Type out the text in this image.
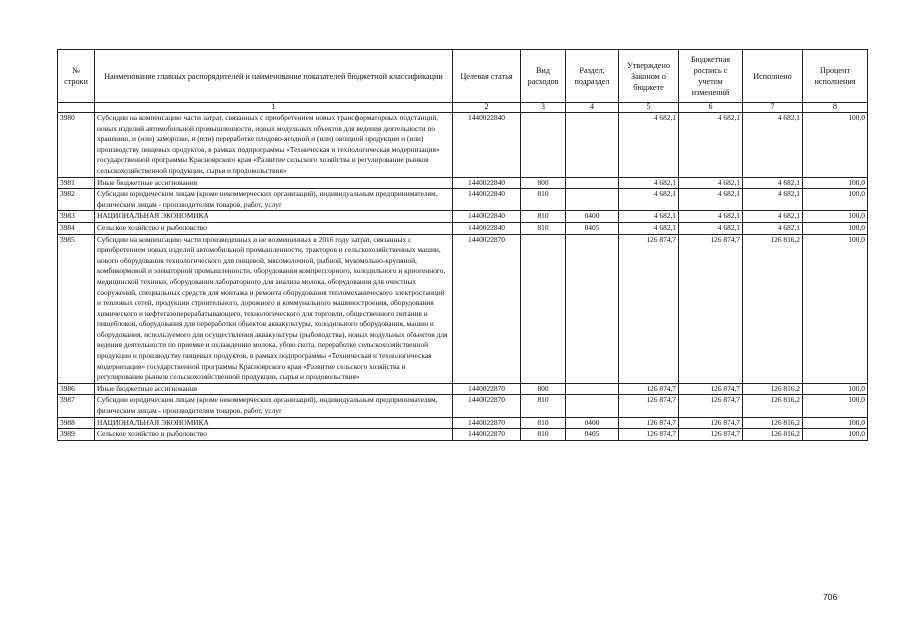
№ строки	Наименование главных распорядителей и наименование показателей бюджетной классификации	Целевая статья	Вид расходов	Раздел, подраздел	Утверждено Законом о бюджете	Бюджетная роспись с учетом изменений	Исполнено	Процент исполнения
	1	2	3	4	5	6	7	8
3980	Субсидии на компенсацию части затрат, связанных с приобретением новых трансформаторных подстанций, новых изделий автомобильной промышленности, новых модульных объектов для ведения деятельности по хранению, и (или) заморозке, и (или) переработке плодово-ягодной и (или) овощной продукции и (или) производству пищевых продуктов, в рамках подпрограммы «Техническая и технологическая модернизация» государственной программы Красноярского края «Развитие сельского хозяйства и регулирование рынков сельскохозяйственной продукции, сырья и продовольствия»	1440022840			4 682,1	4 682,1	4 682,1	100,0
3981	Иные бюджетные ассигнования	1440022840	800		4 682,1	4 682,1	4 682,1	100,0
3982	Субсидии юридическим лицам (кроме некоммерческих организаций), индивидуальным предпринимателям, физическим лицам - производителям товаров, работ, услуг	1440022840	810		4 682,1	4 682,1	4 682,1	100,0
3983	НАЦИОНАЛЬНАЯ ЭКОНОМИКА	1440022840	810	0400	4 682,1	4 682,1	4 682,1	100,0
3984	Сельское хозяйство и рыболовство	1440022840	810	0405	4 682,1	4 682,1	4 682,1	100,0
3985	Субсидии на компенсацию части произведенных и не возмещенных в 2016 году затрат, связанных с приобретением новых изделий автомобильной промышленности, тракторов и сельскохозяйственных машин, нового оборудования технологического для пищевой, мясомолочной, рыбной, мукомольно-крупяной, комбикормовой и элеваторной промышленности, оборудования компрессорного, холодильного и криогенного, медицинской техники, оборудования лабораторного для анализа молока, оборудования для очистных сооружений, специальных средств для монтажа и ремонта оборудования тепломеханического электростанций и тепловых сетей, продукции строительного, дорожного и коммунального машиностроения, оборудования химического и нефтегазоперерабатывающего, технологического для торговли, общественного питания и пищеблоков, оборудования для переработки объектов аквакультуры, холодильного оборудования, машин и оборудования, используемого для осуществления аквакультуры (рыбоводства), новых модульных объектов для ведения деятельности по приемке и охлаждению молока, убою скота, переработке сельскохозяйственной продукции и производству пищевых продуктов, в рамках подпрограммы «Техническая и технологическая модернизация» государственной программы Красноярского края «Развитие сельского хозяйства и регулирование рынков сельскохозяйственной продукции, сырья и продовольствия»	1440022870			126 874,7	126 874,7	126 816,2	100,0
3986	Иные бюджетные ассигнования	1440022870	800		126 874,7	126 874,7	126 816,2	100,0
3987	Субсидии юридическим лицам (кроме некоммерческих организаций), индивидуальным предпринимателям, физическим лицам - производителям товаров, работ, услуг	1440022870	810		126 874,7	126 874,7	126 816,2	100,0
3988	НАЦИОНАЛЬНАЯ ЭКОНОМИКА	1440022870	810	0400	126 874,7	126 874,7	126 816,2	100,0
3989	Сельское хозяйство и рыболовство	1440022870	810	0405	126 874,7	126 874,7	126 816,2	100,0
706
